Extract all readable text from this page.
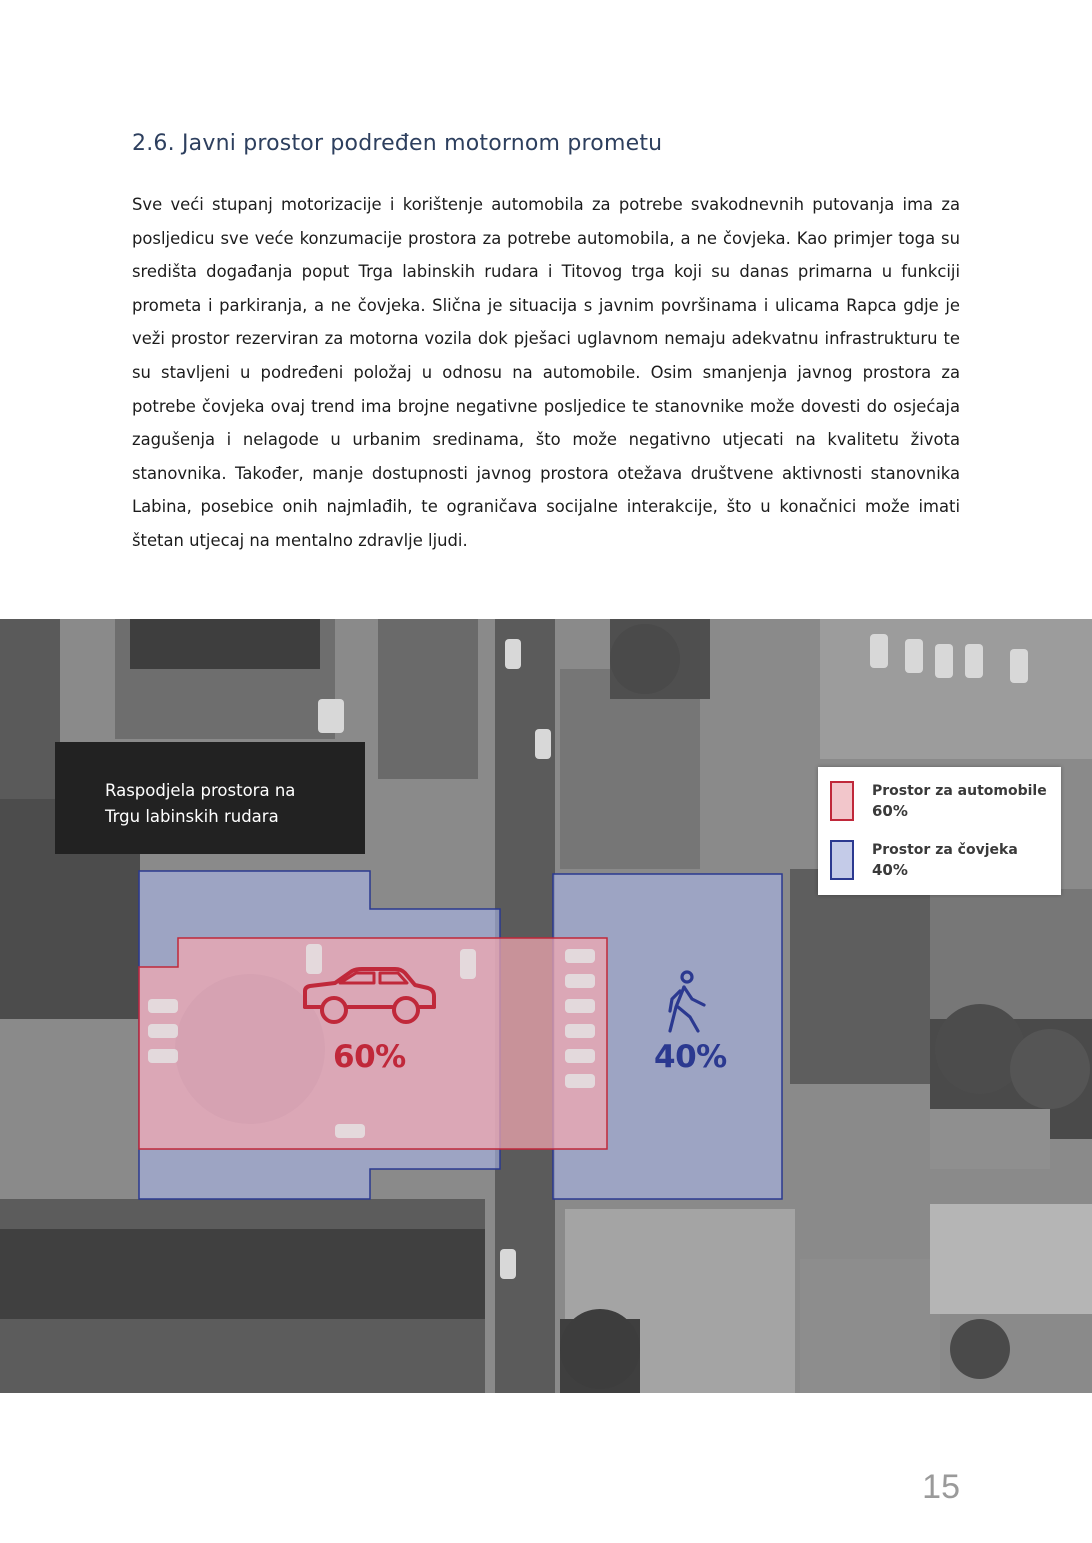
2.6. Javni prostor podređen motornom prometu

Sve veći stupanj motorizacije i korištenje automobila za potrebe svakodnevnih putovanja ima za posljedicu sve veće konzumacije prostora za potrebe automobila, a ne čovjeka. Kao primjer toga su središta događanja poput Trga labinskih rudara i Titovog trga koji su danas primarna u funkciji prometa i parkiranja, a ne čovjeka. Slična je situacija s javnim površinama i ulicama Rapca gdje je veži prostor rezerviran za motorna vozila dok pješaci uglavnom nemaju adekvatnu infrastrukturu te su stavljeni u podređeni položaj u odnosu na automobile. Osim smanjenja javnog prostora za potrebe čovjeka ovaj trend ima brojne negativne posljedice te stanovnike može dovesti do osjećaja zagušenja i nelagode u urbanim sredinama, što može negativno utjecati na kvalitetu života stanovnika. Također, manje dostupnosti javnog prostora otežava društvene aktivnosti stanovnika Labina, posebice onih najmlađih, te ograničava socijalne interakcije, što u konačnici može imati štetan utjecaj na mentalno zdravlje ljudi.

Raspodjela prostora na
Trgu labinskih rudara
60%	40%
Prostor za automobile
60%
Prostor za čovjeka
40%
15
